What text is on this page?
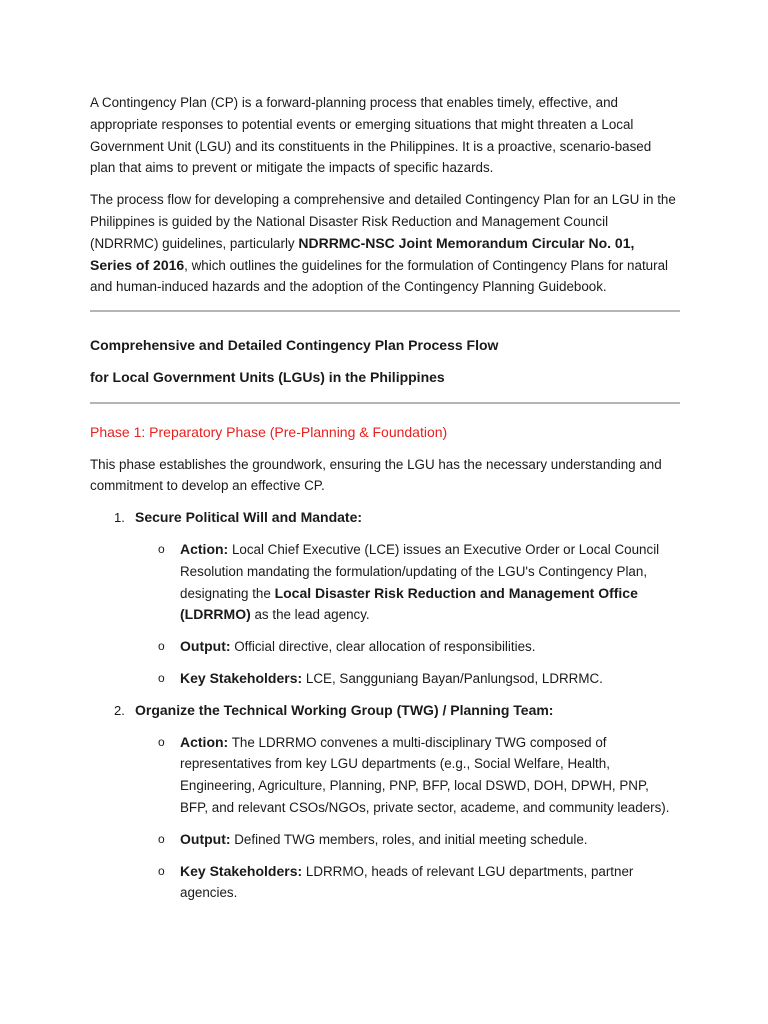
A Contingency Plan (CP) is a forward-planning process that enables timely, effective, and appropriate responses to potential events or emerging situations that might threaten a Local Government Unit (LGU) and its constituents in the Philippines. It is a proactive, scenario-based plan that aims to prevent or mitigate the impacts of specific hazards.

The process flow for developing a comprehensive and detailed Contingency Plan for an LGU in the Philippines is guided by the National Disaster Risk Reduction and Management Council (NDRRMC) guidelines, particularly NDRRMC-NSC Joint Memorandum Circular No. 01, Series of 2016, which outlines the guidelines for the formulation of Contingency Plans for natural and human-induced hazards and the adoption of the Contingency Planning Guidebook.

Comprehensive and Detailed Contingency Plan Process Flow

for Local Government Units (LGUs) in the Philippines

Phase 1: Preparatory Phase (Pre-Planning & Foundation)

This phase establishes the groundwork, ensuring the LGU has the necessary understanding and commitment to develop an effective CP.

1. Secure Political Will and Mandate:
o Action: Local Chief Executive (LCE) issues an Executive Order or Local Council Resolution mandating the formulation/updating of the LGU's Contingency Plan, designating the Local Disaster Risk Reduction and Management Office (LDRRMO) as the lead agency.
o Output: Official directive, clear allocation of responsibilities.
o Key Stakeholders: LCE, Sangguniang Bayan/Panlungsod, LDRRMC.
2. Organize the Technical Working Group (TWG) / Planning Team:
o Action: The LDRRMO convenes a multi-disciplinary TWG composed of representatives from key LGU departments (e.g., Social Welfare, Health, Engineering, Agriculture, Planning, PNP, BFP, local DSWD, DOH, DPWH, PNP, BFP, and relevant CSOs/NGOs, private sector, academe, and community leaders).
o Output: Defined TWG members, roles, and initial meeting schedule.
o Key Stakeholders: LDRRMO, heads of relevant LGU departments, partner agencies.
